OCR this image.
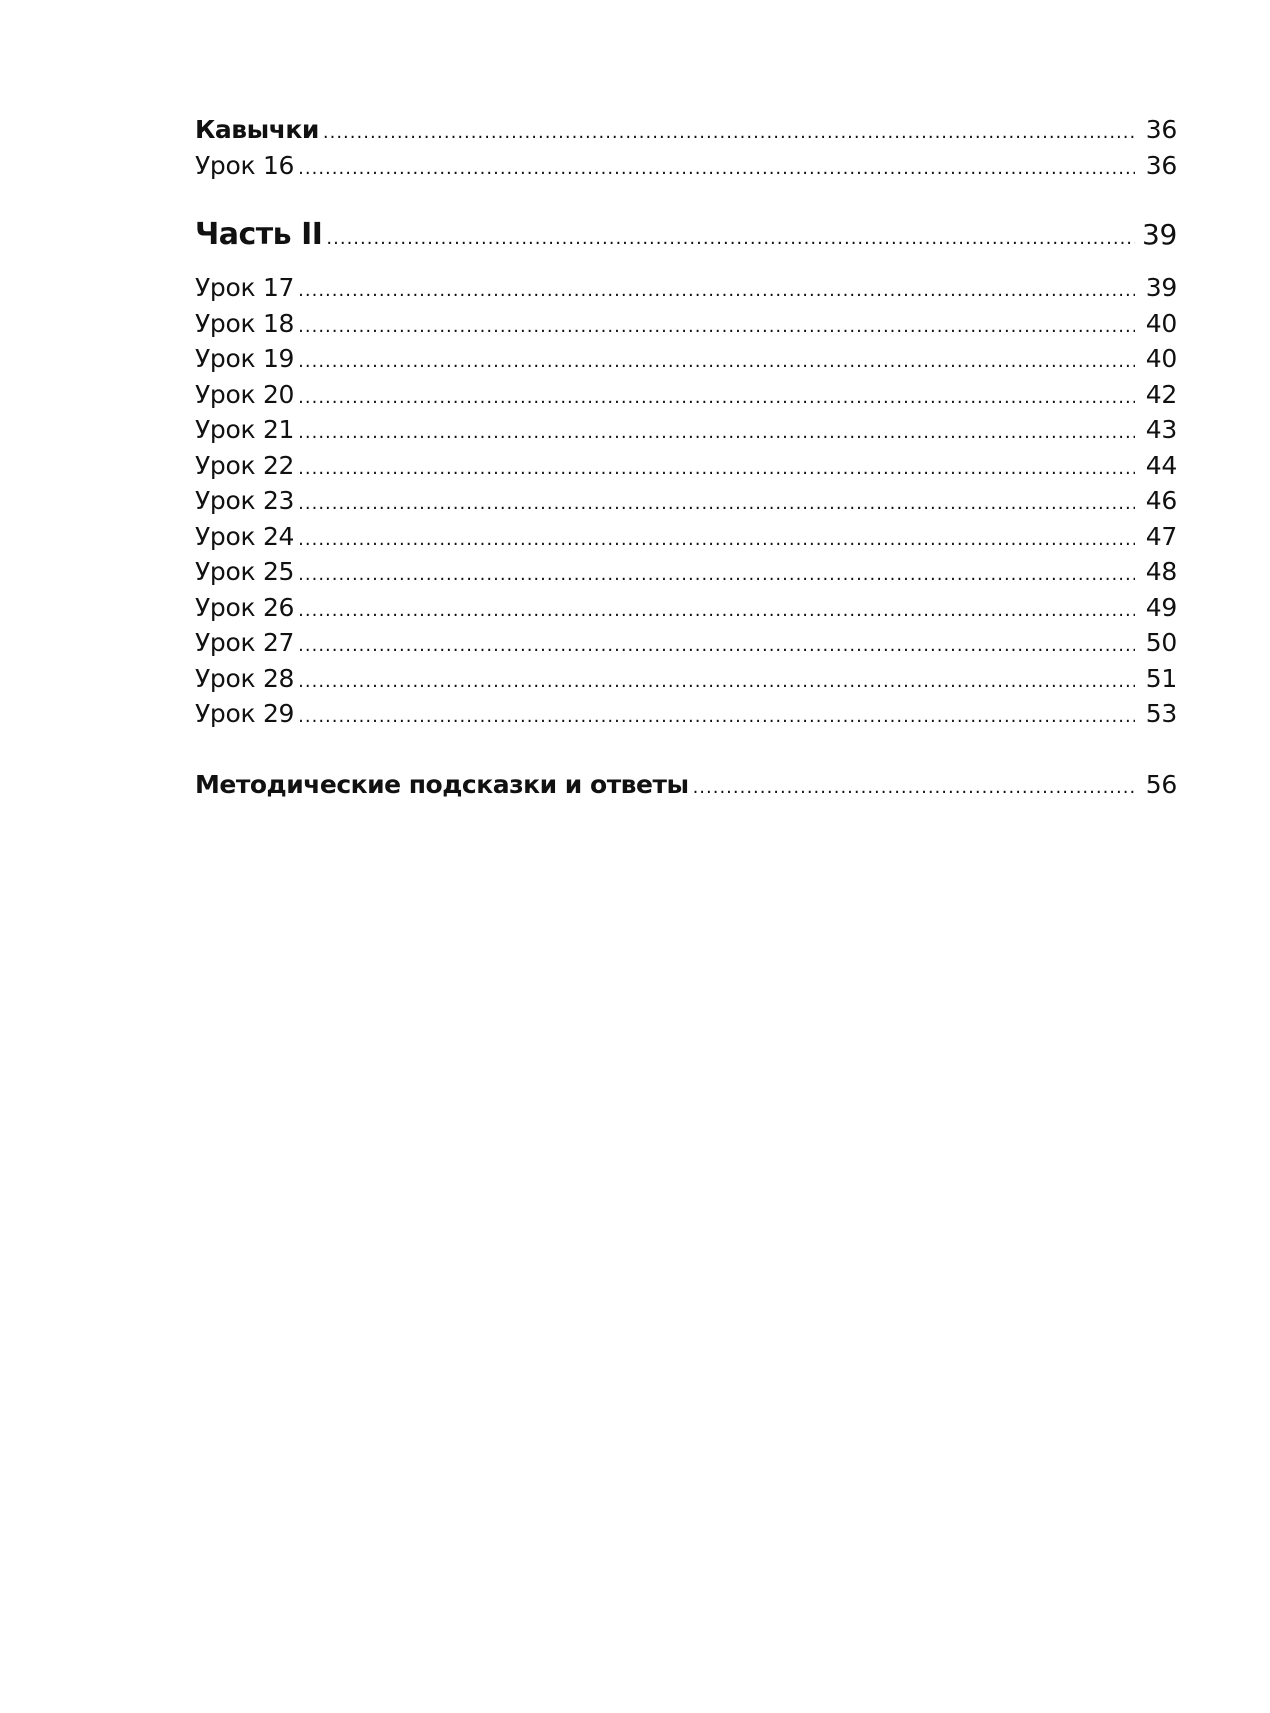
Кавычки .....	36
Урок 16 .....	36
Часть II .....	39
Урок 17 .....	39
Урок 18 .....	40
Урок 19 .....	40
Урок 20 .....	42
Урок 21 .....	43
Урок 22 .....	44
Урок 23 .....	46
Урок 24 .....	47
Урок 25 .....	48
Урок 26 .....	49
Урок 27 .....	50
Урок 28 .....	51
Урок 29 .....	53
Методические подсказки и ответы .....	56
